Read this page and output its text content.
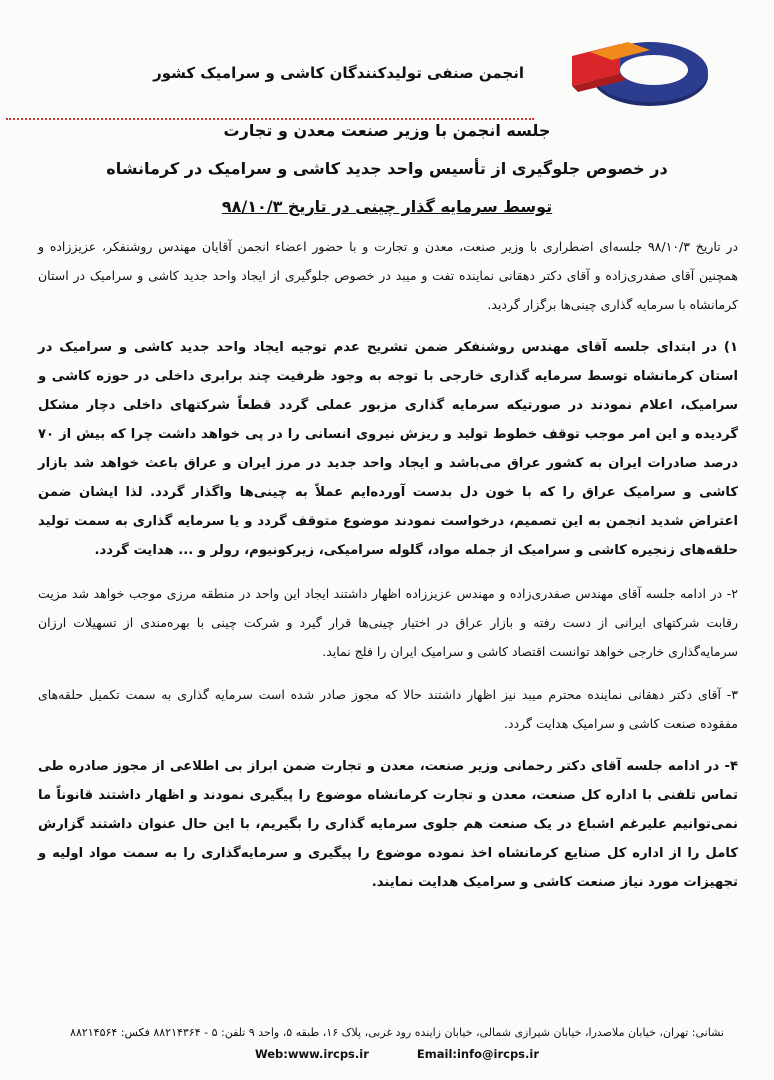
انجمن صنفی تولیدکنندگان کاشی و سرامیک کشور
جلسه انجمن با وزیر صنعت معدن و تجارت
در خصوص جلوگیری از تأسیس واحد جدید کاشی و سرامیک در کرمانشاه
توسط سرمایه گذار چینی در تاریخ ۹۸/۱۰/۳

در تاریخ ۹۸/۱۰/۳ جلسه‌ای اضطراری با وزیر صنعت، معدن و تجارت و با حضور اعضاء انجمن آقایان مهندس روشنفکر، عزیززاده و همچنین آقای صفدری‌زاده و آقای دکتر دهقانی نماینده تفت و میبد در خصوص جلوگیری از ایجاد واحد جدید کاشی و سرامیک در استان کرمانشاه با سرمایه گذاری چینی‌ها برگزار گردید.

۱) در ابتدای جلسه آقای مهندس روشنفکر ضمن تشریح عدم توجیه ایجاد واحد جدید کاشی و سرامیک در استان کرمانشاه توسط سرمایه گذاری خارجی با توجه به وجود ظرفیت چند برابری داخلی در حوزه کاشی و سرامیک، اعلام نمودند در صورتیکه سرمایه گذاری مزبور عملی گردد قطعاً شرکتهای داخلی دچار مشکل گردیده و این امر موجب توقف خطوط تولید و ریزش نیروی انسانی را در پی خواهد داشت چرا که بیش از ۷۰ درصد صادرات ایران به کشور عراق می‌باشد و ایجاد واحد جدید در مرز ایران و عراق باعث خواهد شد بازار کاشی و سرامیک عراق را که با خون دل بدست آورده‌ایم عملاً به چینی‌ها واگذار گردد. لذا ایشان ضمن اعتراض شدید انجمن به این تصمیم، درخواست نمودند موضوع متوقف گردد و یا سرمایه گذاری به سمت تولید حلقه‌های زنجیره کاشی و سرامیک از جمله مواد، گلوله سرامیکی، زیرکونیوم، رولر و ... هدایت گردد.

۲- در ادامه جلسه آقای مهندس صفدری‌زاده و مهندس عزیززاده اظهار داشتند ایجاد این واحد در منطقه مرزی موجب خواهد شد مزیت رقابت شرکتهای ایرانی از دست رفته و بازار عراق در اختیار چینی‌ها قرار گیرد و شرکت چینی با بهره‌مندی از تسهیلات ارزان سرمایه‌گذاری خارجی خواهد توانست اقتصاد کاشی و سرامیک ایران را فلج نماید.

۳- آقای دکتر دهقانی نماینده محترم میبد نیز اظهار داشتند حالا که مجوز صادر شده است سرمایه گذاری به سمت تکمیل حلقه‌های مفقوده صنعت کاشی و سرامیک هدایت گردد.

۴- در ادامه جلسه آقای دکتر رحمانی وزیر صنعت، معدن و تجارت ضمن ابراز بی اطلاعی از مجوز صادره طی تماس تلفنی با اداره کل صنعت، معدن و تجارت کرمانشاه موضوع را پیگیری نمودند و اظهار داشتند قانوناً ما نمی‌توانیم علیرغم اشباع در یک صنعت هم جلوی سرمایه گذاری را بگیریم، با این حال عنوان داشتند گزارش کامل را از اداره کل صنایع کرمانشاه اخذ نموده موضوع را پیگیری و سرمایه‌گذاری را به سمت مواد اولیه و تجهیزات مورد نیاز صنعت کاشی و سرامیک هدایت نمایند.

نشانی: تهران، خیابان ملاصدرا، خیابان شیرازی شمالی، خیابان زاینده رود غربی، پلاک ۱۶، طبقه ۵، واحد ۹ تلفن: ۵ - ۸۸۲۱۴۳۶۴ فکس: ۸۸۲۱۴۵۶۴
Web:www.ircps.ir	Email:info@ircps.ir
